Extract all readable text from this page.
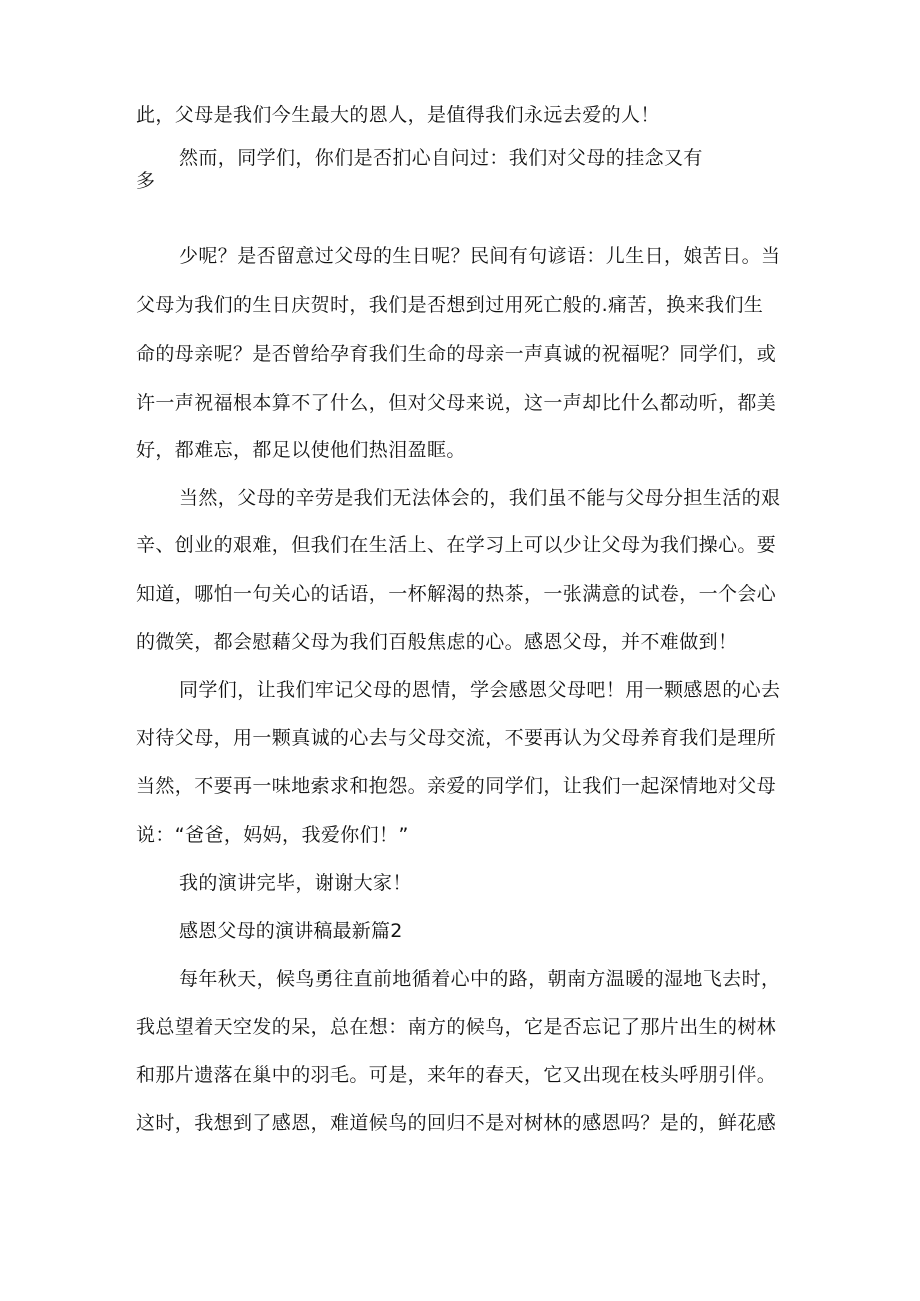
此，父母是我们今生最大的恩人，是值得我们永远去爱的人！
然而，同学们，你们是否扪心自问过：我们对父母的挂念又有
多
少呢？是否留意过父母的生日呢？民间有句谚语：儿生日，娘苦日。当
父母为我们的生日庆贺时，我们是否想到过用死亡般的.痛苦，换来我们生
命的母亲呢？是否曾给孕育我们生命的母亲一声真诚的祝福呢？同学们，或
许一声祝福根本算不了什么，但对父母来说，这一声却比什么都动听，都美
好，都难忘，都足以使他们热泪盈眶。
当然，父母的辛劳是我们无法体会的，我们虽不能与父母分担生活的艰
辛、创业的艰难，但我们在生活上、在学习上可以少让父母为我们操心。要
知道，哪怕一句关心的话语，一杯解渴的热茶，一张满意的试卷，一个会心
的微笑，都会慰藉父母为我们百般焦虑的心。感恩父母，并不难做到！
同学们，让我们牢记父母的恩情，学会感恩父母吧！用一颗感恩的心去
对待父母，用一颗真诚的心去与父母交流，不要再认为父母养育我们是理所
当然，不要再一味地索求和抱怨。亲爱的同学们，让我们一起深情地对父母
说：“爸爸，妈妈，我爱你们！”
我的演讲完毕，谢谢大家！
感恩父母的演讲稿最新篇2
每年秋天，候鸟勇往直前地循着心中的路，朝南方温暖的湿地飞去时，
我总望着天空发的呆，总在想：南方的候鸟，它是否忘记了那片出生的树林
和那片遗落在巢中的羽毛。可是，来年的春天，它又出现在枝头呼朋引伴。
这时，我想到了感恩，难道候鸟的回归不是对树林的感恩吗？是的，鲜花感
